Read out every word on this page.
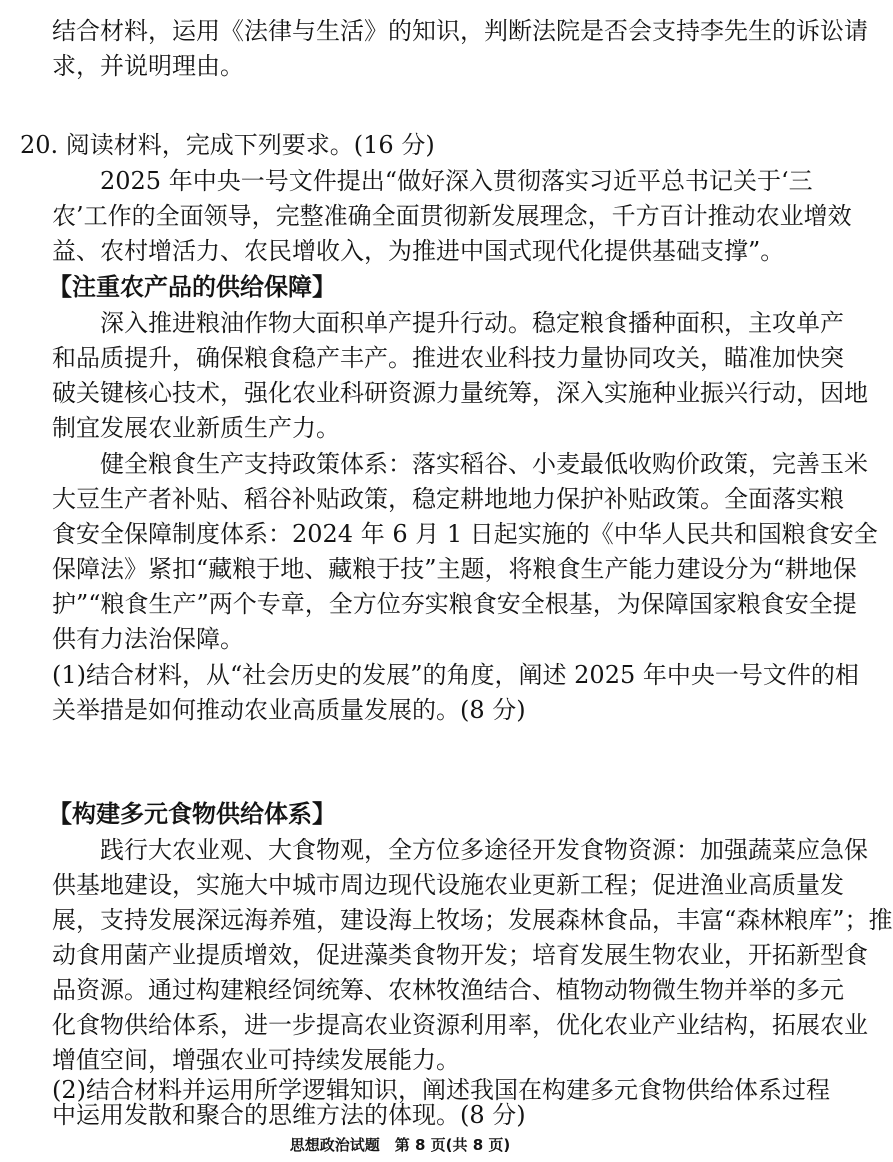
结合材料，运用《法律与生活》的知识，判断法院是否会支持李先生的诉讼请
求，并说明理由。
20. 阅读材料，完成下列要求。(16 分)
2025 年中央一号文件提出“做好深入贯彻落实习近平总书记关于‘三
农’工作的全面领导，完整准确全面贯彻新发展理念，千方百计推动农业增效
益、农村增活力、农民增收入，为推进中国式现代化提供基础支撑”。
【注重农产品的供给保障】
深入推进粮油作物大面积单产提升行动。稳定粮食播种面积，主攻单产
和品质提升，确保粮食稳产丰产。推进农业科技力量协同攻关，瞄准加快突
破关键核心技术，强化农业科研资源力量统筹，深入实施种业振兴行动，因地
制宜发展农业新质生产力。
健全粮食生产支持政策体系：落实稻谷、小麦最低收购价政策，完善玉米
大豆生产者补贴、稻谷补贴政策，稳定耕地地力保护补贴政策。全面落实粮
食安全保障制度体系：2024 年 6 月 1 日起实施的《中华人民共和国粮食安全
保障法》紧扣“藏粮于地、藏粮于技”主题，将粮食生产能力建设分为“耕地保
护”“粮食生产”两个专章，全方位夯实粮食安全根基，为保障国家粮食安全提
供有力法治保障。
(1)结合材料，从“社会历史的发展”的角度，阐述 2025 年中央一号文件的相
关举措是如何推动农业高质量发展的。(8 分)
【构建多元食物供给体系】
践行大农业观、大食物观，全方位多途径开发食物资源：加强蔬菜应急保
供基地建设，实施大中城市周边现代设施农业更新工程；促进渔业高质量发
展，支持发展深远海养殖，建设海上牧场；发展森林食品，丰富“森林粮库”；推
动食用菌产业提质增效，促进藻类食物开发；培育发展生物农业，开拓新型食
品资源。通过构建粮经饲统筹、农林牧渔结合、植物动物微生物并举的多元
化食物供给体系，进一步提高农业资源利用率，优化农业产业结构，拓展农业
增值空间，增强农业可持续发展能力。
(2)结合材料并运用所学逻辑知识，阐述我国在构建多元食物供给体系过程
思想政治试题　第 8 页(共 8 页)
中运用发散和聚合的思维方法的体现。(8 分)
